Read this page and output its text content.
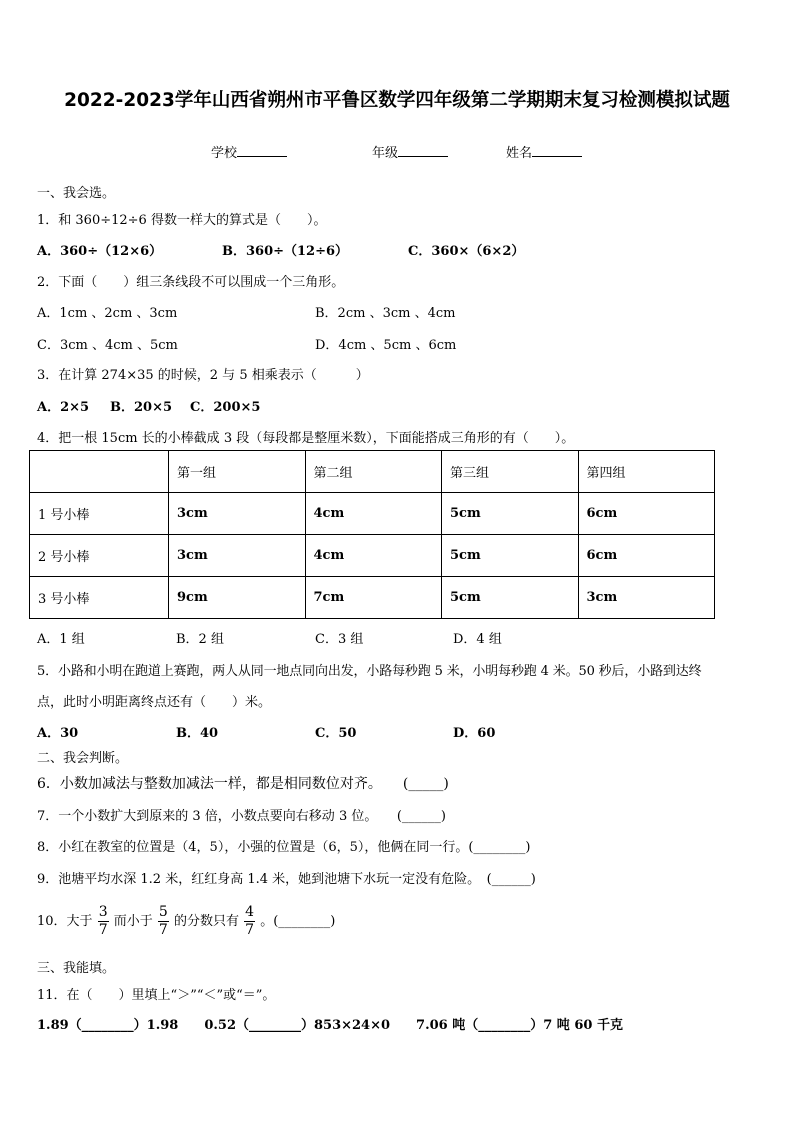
2022-2023学年山西省朔州市平鲁区数学四年级第二学期期末复习检测模拟试题
学校	年级	姓名
一、我会选。
1．和 360÷12÷6 得数一样大的算式是（　　）。
A．360÷（12×6）	B．360÷（12÷6）	C．360×（6×2）
2．下面（　　）组三条线段不可以围成一个三角形。
A．1cm 、2cm 、3cm	B．2cm 、3cm 、4cm
C．3cm 、4cm 、5cm	D．4cm 、5cm 、6cm
3．在计算 274×35 的时候，2 与 5 相乘表示（　　　）
A．2×5 B．20×5 C．200×5
4．把一根 15cm 长的小棒截成 3 段（每段都是整厘米数），下面能搭成三角形的有（　　）。
	第一组	第二组	第三组	第四组
1 号小棒	3cm	4cm	5cm	6cm
2 号小棒	3cm	4cm	5cm	6cm
3 号小棒	9cm	7cm	5cm	3cm
A．1 组	B．2 组	C．3 组	D．4 组
5．小路和小明在跑道上赛跑，两人从同一地点同向出发，小路每秒跑 5 米，小明每秒跑 4 米。50 秒后，小路到达终
点，此时小明距离终点还有（　　）米。
A．30	B．40	C．50	D．60
二、我会判断。
6．小数加减法与整数加减法一样，都是相同数位对齐。　　(_____)
7．一个小数扩大到原来的 3 倍，小数点要向右移动 3 位。　　(______)
8．小红在教室的位置是（4，5），小强的位置是（6，5），他俩在同一行。(________)
9．池塘平均水深 1.2 米，红红身高 1.4 米，她到池塘下水玩一定没有危险。　(______)
10．大于 $\frac{3}{7}$ 而小于 $\frac{5}{7}$ 的分数只有 $\frac{4}{7}$ 。(________)
三、我能填。
11．在（　　）里填上“＞”“＜”或“＝”。
1.89（________）1.98　　0.52（________）853×24×0　　7.06 吨（________）7 吨 60 千克
